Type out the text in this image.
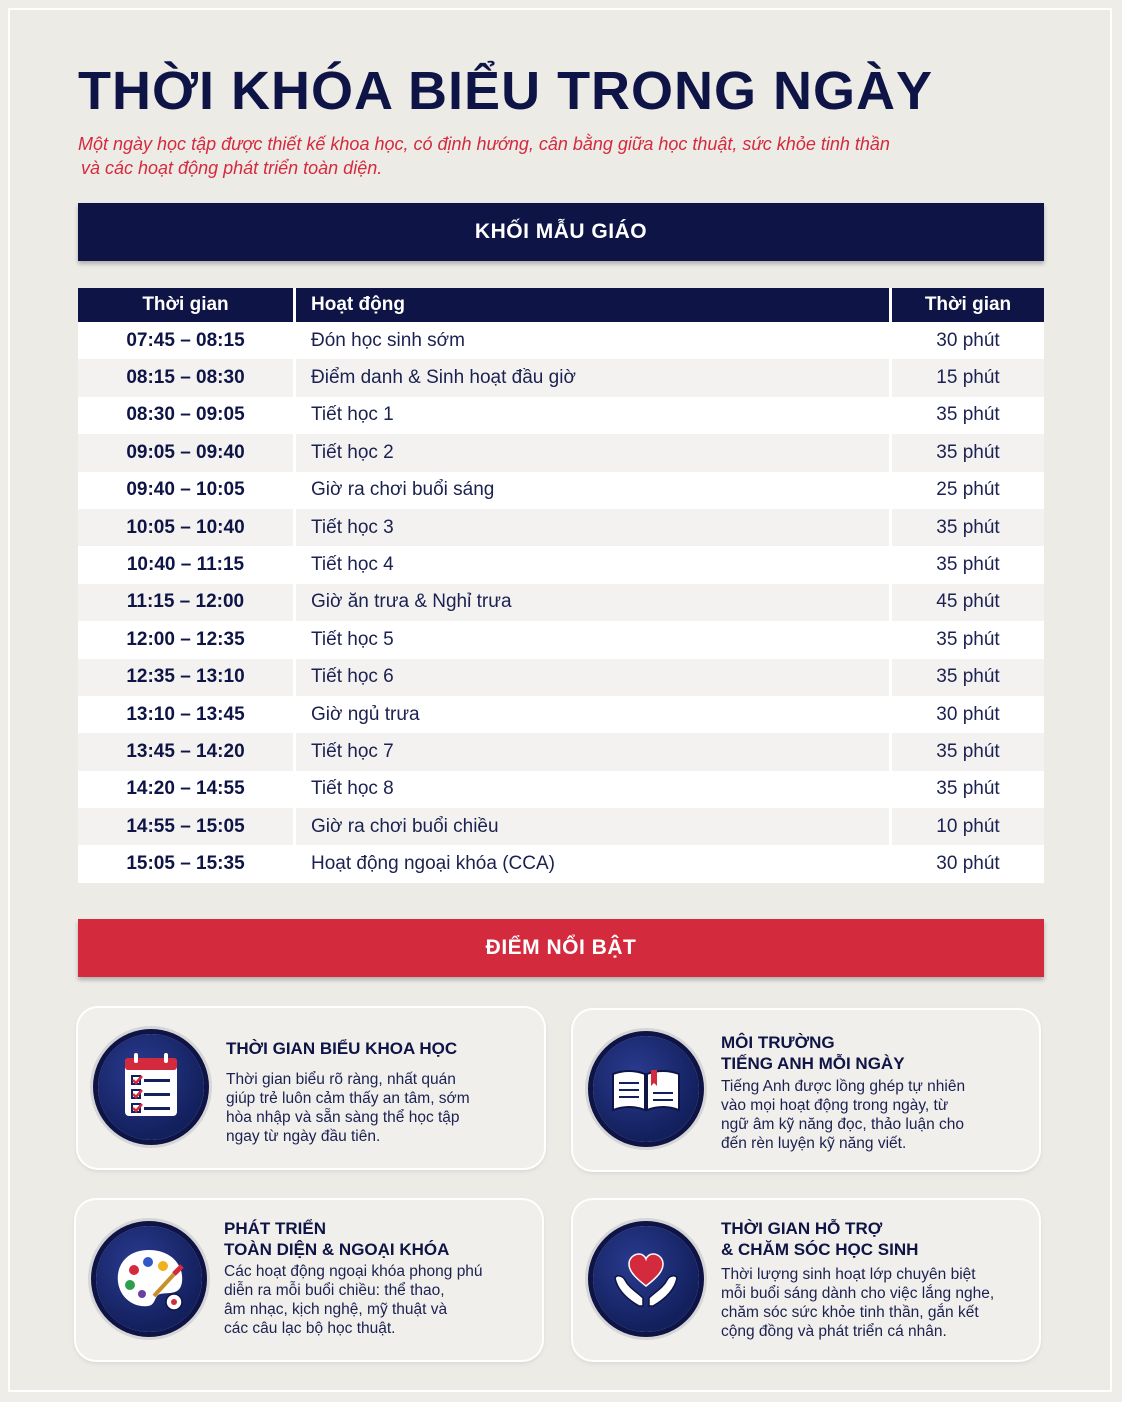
THỜI KHÓA BIỂU TRONG NGÀY
Một ngày học tập được thiết kế khoa học, có định hướng, cân bằng giữa học thuật, sức khỏe tinh thần
và các hoạt động phát triển toàn diện.
KHỐI MẪU GIÁO
Thời gian	Hoạt động	Thời gian
07:45 – 08:15	Đón học sinh sớm	30 phút
08:15 – 08:30	Điểm danh & Sinh hoạt đầu giờ	15 phút
08:30 – 09:05	Tiết học 1	35 phút
09:05 – 09:40	Tiết học 2	35 phút
09:40 – 10:05	Giờ ra chơi buổi sáng	25 phút
10:05 – 10:40	Tiết học 3	35 phút
10:40 – 11:15	Tiết học 4	35 phút
11:15 – 12:00	Giờ ăn trưa & Nghỉ trưa	45 phút
12:00 – 12:35	Tiết học 5	35 phút
12:35 – 13:10	Tiết học 6	35 phút
13:10 – 13:45	Giờ ngủ trưa	30 phút
13:45 – 14:20	Tiết học 7	35 phút
14:20 – 14:55	Tiết học 8	35 phút
14:55 – 15:05	Giờ ra chơi buổi chiều	10 phút
15:05 – 15:35	Hoạt động ngoại khóa (CCA)	30 phút
ĐIỂM NỔI BẬT
THỜI GIAN BIỂU KHOA HỌC
Thời gian biểu rõ ràng, nhất quán
giúp trẻ luôn cảm thấy an tâm, sớm
hòa nhập và sẵn sàng thể học tập
ngay từ ngày đầu tiên.
MÔI TRƯỜNG
TIẾNG ANH MỖI NGÀY
Tiếng Anh được lồng ghép tự nhiên
vào mọi hoạt động trong ngày, từ
ngữ âm kỹ năng đọc, thảo luận cho
đến rèn luyện kỹ năng viết.
PHÁT TRIỂN
TOÀN DIỆN & NGOẠI KHÓA
Các hoạt động ngoại khóa phong phú
diễn ra mỗi buổi chiều: thể thao,
âm nhạc, kịch nghệ, mỹ thuật và
các câu lạc bộ học thuật.
THỜI GIAN HỖ TRỢ
& CHĂM SÓC HỌC SINH
Thời lượng sinh hoạt lớp chuyên biệt
mỗi buổi sáng dành cho việc lắng nghe,
chăm sóc sức khỏe tinh thần, gắn kết
cộng đồng và phát triển cá nhân.
